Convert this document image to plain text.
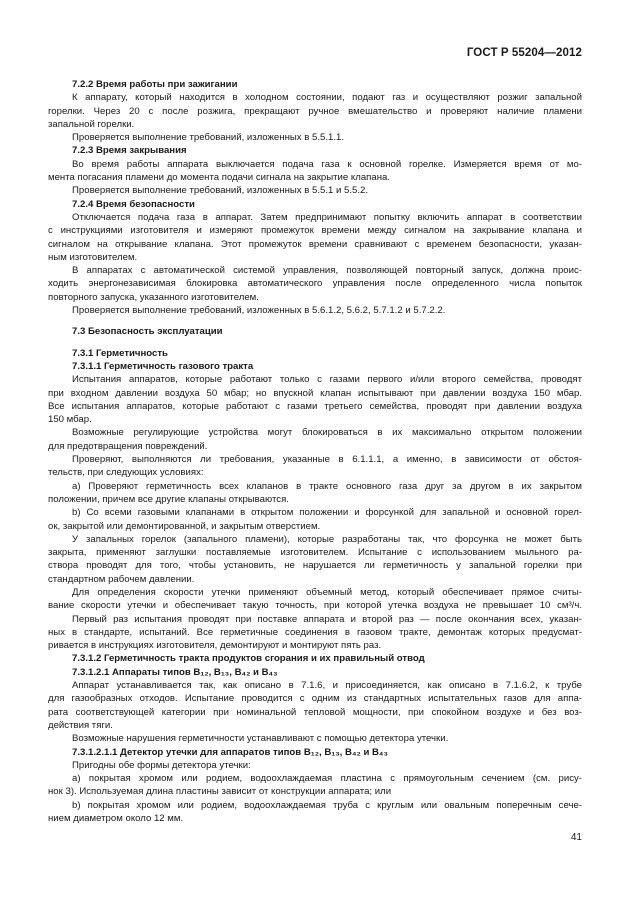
ГОСТ Р 55204—2012
7.2.2 Время работы при зажигании
К аппарату, который находится в холодном состоянии, подают газ и осуществляют розжиг запальной
горелки. Через 20 с после розжига, прекращают ручное вмешательство и проверяют наличие пламени
запальной горелки.
Проверяется выполнение требований, изложенных в 5.5.1.1.
7.2.3 Время закрывания
Во время работы аппарата выключается подача газа к основной горелке. Измеряется время от мо-
мента погасания пламени до момента подачи сигнала на закрытие клапана.
Проверяется выполнение требований, изложенных в 5.5.1 и 5.5.2.
7.2.4 Время безопасности
Отключается подача газа в аппарат. Затем предпринимают попытку включить аппарат в соответствии
с инструкциями изготовителя и измеряют промежуток времени между сигналом на закрывание клапана и
сигналом на открывание клапана. Этот промежуток времени сравнивают с временем безопасности, указан-
ным изготовителем.
В аппаратах с автоматической системой управления, позволяющей повторный запуск, должна проис-
ходить энергонезависимая блокировка автоматического управления после определенного числа попыток
повторного запуска, указанного изготовителем.
Проверяется выполнение требований, изложенных в 5.6.1.2, 5.6.2, 5.7.1.2 и 5.7.2.2.
7.3 Безопасность эксплуатации
7.3.1 Герметичность
7.3.1.1 Герметичность газового тракта
Испытания аппаратов, которые работают только с газами первого и/или второго семейства, проводят
при входном давлении воздуха 50 мбар; но впускной клапан испытывают при давлении воздуха 150 мбар.
Все испытания аппаратов, которые работают с газами третьего семейства, проводят при давлении воздуха
150 мбар.
Возможные регулирующие устройства могут блокироваться в их максимально открытом положении
для предотвращения повреждений.
Проверяют, выполняются ли требования, указанные в 6.1.1.1, а именно, в зависимости от обстоя-
тельств, при следующих условиях:
а) Проверяют герметичность всех клапанов в тракте основного газа друг за другом в их закрытом
положении, причем все другие клапаны открываются.
b) Со всеми газовыми клапанами в открытом положении и форсункой для запальной и основной горел-
ок, закрытой или демонтированной, и закрытым отверстием.
У запальных горелок (запального пламени), которые разработаны так, что форсунка не может быть
закрыта, применяют заглушки поставляемые изготовителем. Испытание с использованием мыльного ра-
створа проводят для того, чтобы установить, не нарушается ли герметичность у запальной горелки при
стандартном рабочем давлении.
Для определения скорости утечки применяют объемный метод, который обеспечивает прямое считы-
вание скорости утечки и обеспечивает такую точность, при которой утечка воздуха не превышает 10 см³/ч.
Первый раз испытания проводят при поставке аппарата и второй раз — после окончания всех, указан-
ных в стандарте, испытаний. Все герметичные соединения в газовом тракте, демонтаж которых предусмат-
ривается в инструкциях изготовителя, демонтируют и монтируют пять раз.
7.3.1.2 Герметичность тракта продуктов сгорания и их правильный отвод
7.3.1.2.1 Аппараты типов B₁₂, B₁₃, B₄₂ и B₄₃
Аппарат устанавливается так, как описано в 7.1.6, и присоединяется, как описано в 7.1.6.2, к трубе
для газообразных отходов. Испытание проводится с одним из стандартных испытательных газов для аппа-
рата соответствующей категории при номинальной тепловой мощности, при спокойном воздухе и без воз-
действия тяги.
Возможные нарушения герметичности устанавливают с помощью детектора утечки.
7.3.1.2.1.1 Детектор утечки для аппаратов типов B₁₂, B₁₃, B₄₂ и B₄₃
Пригодны обе формы детектора утечки:
а) покрытая хромом или родием, водоохлаждаемая пластина с прямоугольным сечением (см. рису-
нок 3). Используемая длина пластины зависит от конструкции аппарата; или
b) покрытая хромом или родием, водоохлаждаемая труба с круглым или овальным поперечным сече-
нием диаметром около 12 мм.
41
